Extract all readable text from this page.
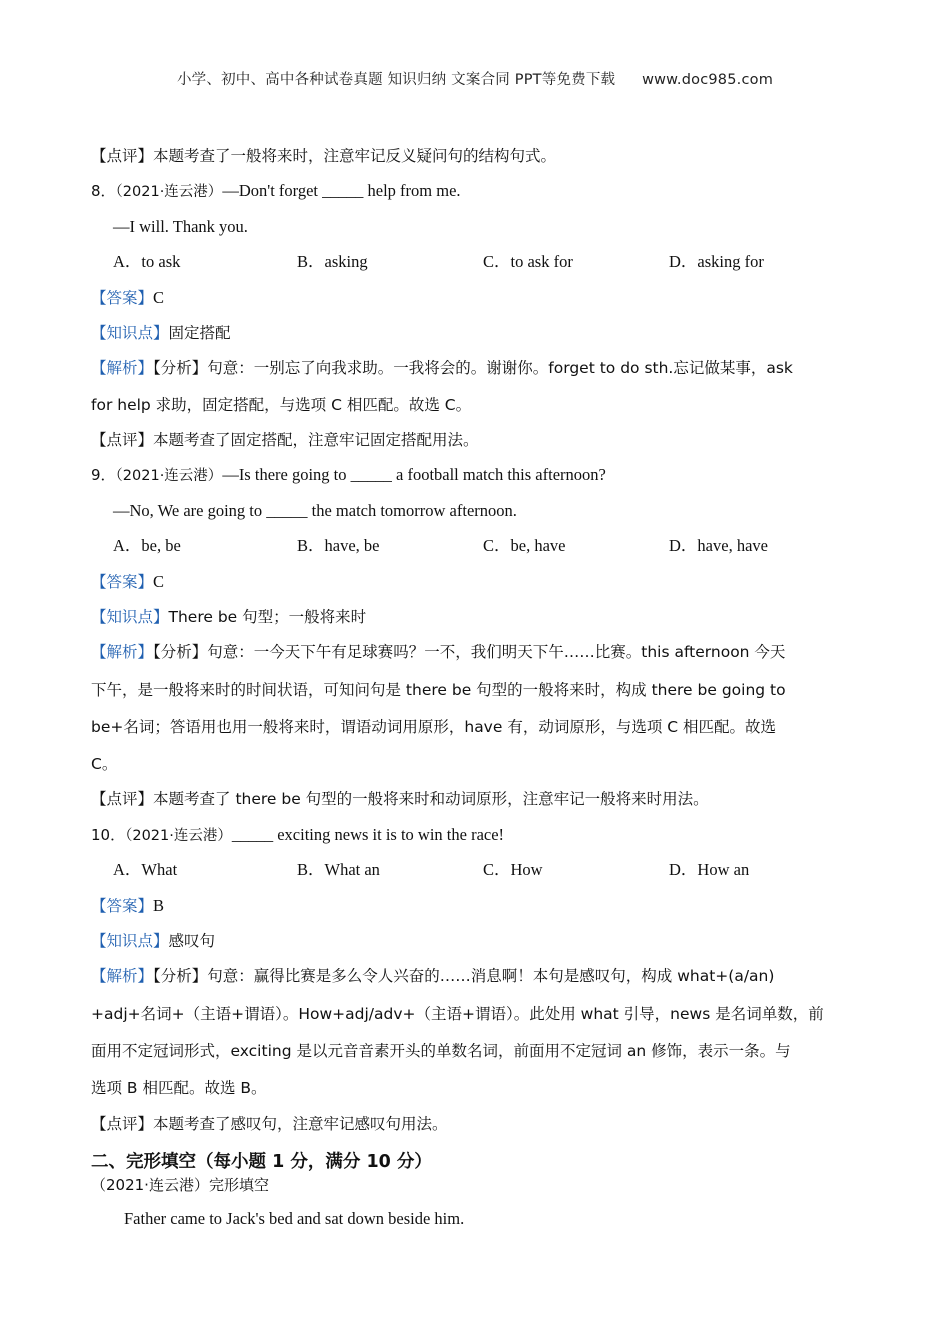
小学、初中、高中各种试卷真题 知识归纳 文案合同 PPT等免费下载 www.doc985.com
【点评】本题考查了一般将来时，注意牢记反义疑问句的结构句式。
8．（2021·连云港）—Don't forget _____ help from me.
—I will. Thank you.
A．to ask	B．asking	C．to ask for	D．asking for
【答案】C
【知识点】固定搭配
【解析】【分析】句意：一别忘了向我求助。一我将会的。谢谢你。forget to do sth.忘记做某事，ask
for help 求助，固定搭配，与选项 C 相匹配。故选 C。
【点评】本题考查了固定搭配，注意牢记固定搭配用法。
9．（2021·连云港）—Is there going to _____ a football match this afternoon?
—No, We are going to _____ the match tomorrow afternoon.
A．be, be	B．have, be	C．be, have	D．have, have
【答案】C
【知识点】There be 句型；一般将来时
【解析】【分析】句意：一今天下午有足球赛吗？一不，我们明天下午……比赛。this afternoon 今天
下午，是一般将来时的时间状语，可知问句是 there be 句型的一般将来时，构成 there be going to
be+名词；答语用也用一般将来时，谓语动词用原形，have 有，动词原形，与选项 C 相匹配。故选
C。
【点评】本题考查了 there be 句型的一般将来时和动词原形，注意牢记一般将来时用法。
10．（2021·连云港）_____ exciting news it is to win the race!
A．What	B．What an	C．How	D．How an
【答案】B
【知识点】感叹句
【解析】【分析】句意：赢得比赛是多么令人兴奋的……消息啊！本句是感叹句，构成 what+(a/an)
+adj+名词+（主语+谓语）。How+adj/adv+（主语+谓语）。此处用 what 引导，news 是名词单数，前
面用不定冠词形式，exciting 是以元音音素开头的单数名词，前面用不定冠词 an 修饰，表示一条。与
选项 B 相匹配。故选 B。
【点评】本题考查了感叹句，注意牢记感叹句用法。
二、完形填空（每小题 1 分，满分 10 分）
（2021·连云港）完形填空
Father came to Jack's bed and sat down beside him.
